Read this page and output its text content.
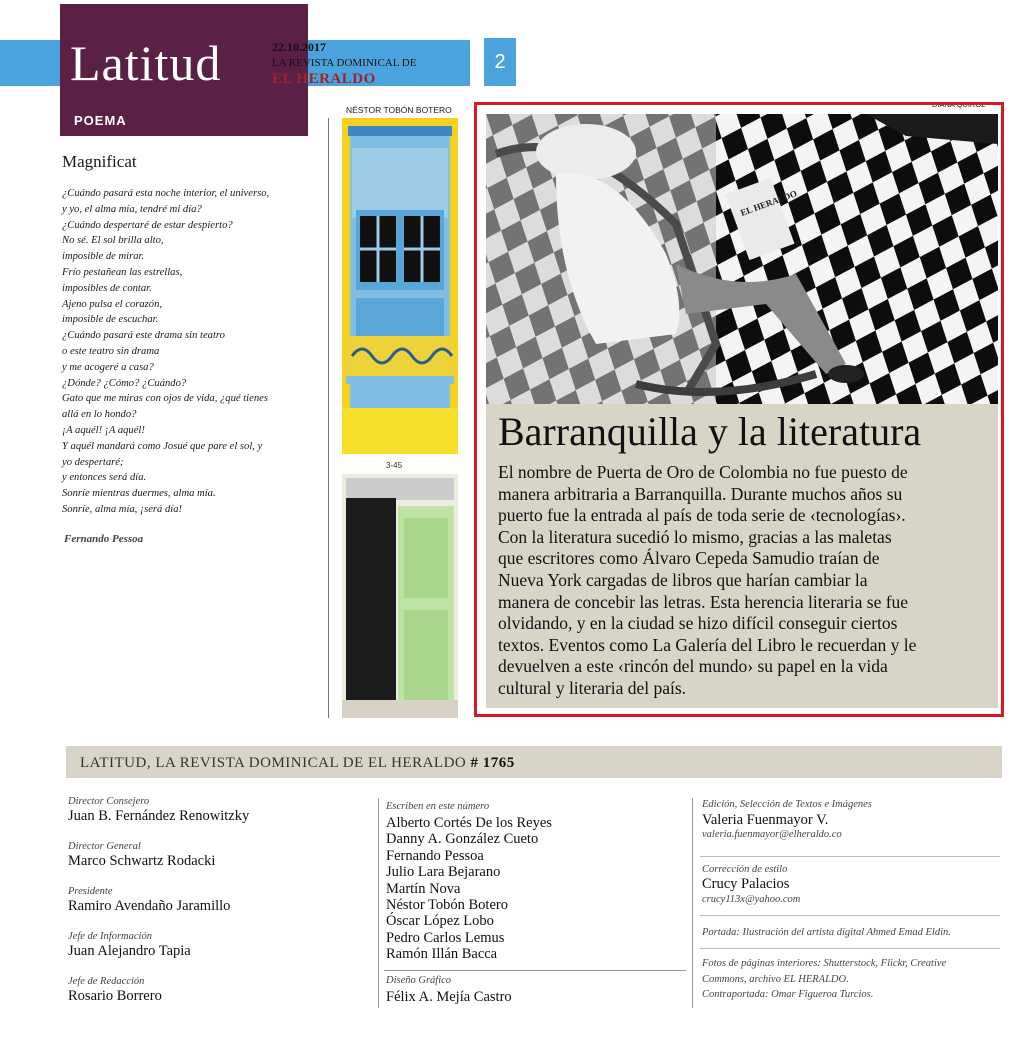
Latitud
POEMA
22.10.2017
LA REVISTA DOMINICAL DE
EL HERALDO
2
Magnificat
¿Cuándo pasará esta noche interior, el universo,
y yo, el alma mía, tendré mi día?
¿Cuándo despertaré de estar despierto?
No sé. El sol brilla alto,
imposible de mirar.
Frío pestañean las estrellas,
imposibles de contar.
Ajeno pulsa el corazón,
imposible de escuchar.
¿Cuándo pasará este drama sin teatro
o este teatro sin drama
y me acogeré a casa?
¿Dónde? ¿Cómo? ¿Cuándo?
Gato que me miras con ojos de vida, ¿qué tienes
allá en lo hondo?
¡A aquél! ¡A aquél!
Y aquél mandará como Josué que pare el sol, y
yo despertaré;
y entonces será día.
Sonríe mientras duermes, alma mía.
Sonríe, alma mía, ¡será día!
Fernando Pessoa
NÉSTOR TOBÓN BOTERO
DIANA QUIROZ
3-45
EL HERALDO
Barranquilla y la literatura
El nombre de Puerta de Oro de Colombia no fue puesto de
manera arbitraria a Barranquilla. Durante muchos años su
puerto fue la entrada al país de toda serie de ‹tecnologías›.
Con la literatura sucedió lo mismo, gracias a las maletas
que escritores como Álvaro Cepeda Samudio traían de
Nueva York cargadas de libros que harían cambiar la
manera de concebir las letras. Esta herencia literaria se fue
olvidando, y en la ciudad se hizo difícil conseguir ciertos
textos. Eventos como La Galería del Libro le recuerdan y le
devuelven a este ‹rincón del mundo› su papel en la vida
cultural y literaria del país.
LATITUD, LA REVISTA DOMINICAL DE EL HERALDO # 1765
Director Consejero
Juan B. Fernández Renowitzky
Director General
Marco Schwartz Rodacki
Presidente
Ramiro Avendaño Jaramillo
Jefe de Información
Juan Alejandro Tapia
Jefe de Redacción
Rosario Borrero
Escriben en este número
Alberto Cortés De los Reyes
Danny A. González Cueto
Fernando Pessoa
Julio Lara Bejarano
Martín Nova
Néstor Tobón Botero
Óscar López Lobo
Pedro Carlos Lemus
Ramón Illán Bacca
Diseño Gráfico
Félix A. Mejía Castro
Edición, Selección de Textos e Imágenes
Valeria Fuenmayor V.
valeria.fuenmayor@elheraldo.co
Corrección de estilo
Crucy Palacios
crucy113x@yahoo.com
Portada: Ilustración del artista digital Ahmed Emad Eldin.
Fotos de páginas interiores: Shutterstock, Flickr, Creative
Commons, archivo EL HERALDO.
Contraportada: Omar Figueroa Turcios.
